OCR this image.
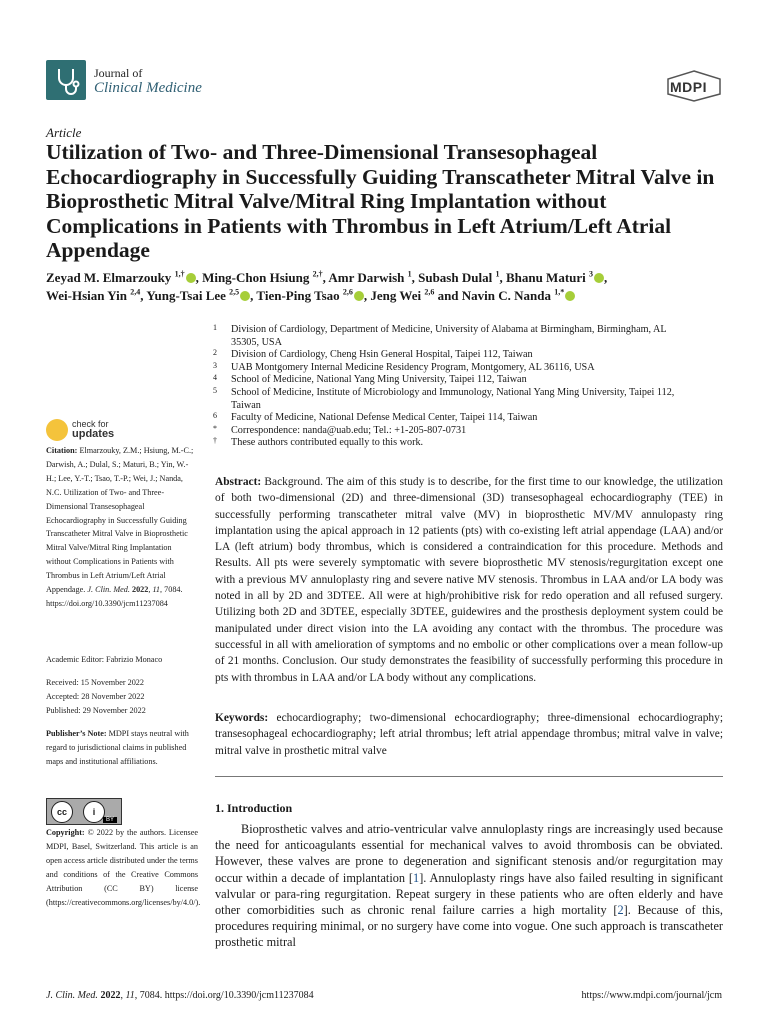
Journal of
Clinical Medicine	MDPI
Article
Utilization of Two- and Three-Dimensional Transesophageal Echocardiography in Successfully Guiding Transcatheter Mitral Valve in Bioprosthetic Mitral Valve/Mitral Ring Implantation without Complications in Patients with Thrombus in Left Atrium/Left Atrial Appendage
Zeyad M. Elmarzouky $^{1,\dagger}$ , Ming-Chon Hsiung $^{2,\dagger}$, Amr Darwish $^1$, Subash Dulal $^1$, Bhanu Maturi $^3$ ,
Wei-Hsian Yin $^{2,4}$, Yung-Tsai Lee $^{2,5}$ , Tien-Ping Tsao $^{2,6}$ , Jeng Wei $^{2,6}$ and Navin C. Nanda $^{1,*}$
1 Division of Cardiology, Department of Medicine, University of Alabama at Birmingham, Birmingham, AL 35305, USA
2 Division of Cardiology, Cheng Hsin General Hospital, Taipei 112, Taiwan
3 UAB Montgomery Internal Medicine Residency Program, Montgomery, AL 36116, USA
4 School of Medicine, National Yang Ming University, Taipei 112, Taiwan
5 School of Medicine, Institute of Microbiology and Immunology, National Yang Ming University, Taipei 112, Taiwan
6 Faculty of Medicine, National Defense Medical Center, Taipei 114, Taiwan
* Correspondence: nanda@uab.edu; Tel.: +1-205-807-0731
† These authors contributed equally to this work.
check for
updates
Citation: Elmarzouky, Z.M.; Hsiung, M.-C.; Darwish, A.; Dulal, S.; Maturi, B.; Yin, W.-H.; Lee, Y.-T.; Tsao, T.-P.; Wei, J.; Nanda, N.C. Utilization of Two- and Three-Dimensional Transesophageal Echocardiography in Successfully Guiding Transcatheter Mitral Valve in Bioprosthetic Mitral Valve/Mitral Ring Implantation without Complications in Patients with Thrombus in Left Atrium/Left Atrial Appendage. J. Clin. Med. 2022, 11, 7084. https://doi.org/10.3390/jcm11237084
Academic Editor: Fabrizio Monaco
Received: 15 November 2022
Accepted: 28 November 2022
Published: 29 November 2022
Publisher’s Note: MDPI stays neutral with regard to jurisdictional claims in published maps and institutional affiliations.
cc	i
BY
Copyright: © 2022 by the authors. Licensee MDPI, Basel, Switzerland. This article is an open access article distributed under the terms and conditions of the Creative Commons Attribution (CC BY) license (https://creativecommons.org/licenses/by/4.0/).
Abstract: Background. The aim of this study is to describe, for the first time to our knowledge, the utilization of both two-dimensional (2D) and three-dimensional (3D) transesophageal echocardiography (TEE) in successfully performing transcatheter mitral valve (MV) in bioprosthetic MV/MV annulopasty ring implantation using the apical approach in 12 patients (pts) with co-existing left atrial appendage (LAA) and/or LA (left atrium) body thrombus, which is considered a contraindication for this procedure. Methods and Results. All pts were severely symptomatic with severe bioprosthetic MV stenosis/regurgitation except one with a previous MV annuloplasty ring and severe native MV stenosis. Thrombus in LAA and/or LA body was noted in all by 2D and 3DTEE. All were at high/prohibitive risk for redo operation and all refused surgery. Utilizing both 2D and 3DTEE, especially 3DTEE, guidewires and the prosthesis deployment system could be manipulated under direct vision into the LA avoiding any contact with the thrombus. The procedure was successful in all with amelioration of symptoms and no embolic or other complications over a mean follow-up of 21 months. Conclusion. Our study demonstrates the feasibility of successfully performing this procedure in pts with thrombus in LAA and/or LA body without any complications.
Keywords: echocardiography; two-dimensional echocardiography; three-dimensional echocardiography; transesophageal echocardiography; left atrial thrombus; left atrial appendage thrombus; mitral valve in valve; mitral valve in prosthetic mitral valve
1. Introduction
Bioprosthetic valves and atrio-ventricular valve annuloplasty rings are increasingly used because the need for anticoagulants essential for mechanical valves to avoid thrombosis can be obviated. However, these valves are prone to degeneration and significant stenosis and/or regurgitation may occur within a decade of implantation [1]. Annuloplasty rings have also failed resulting in significant valvular or para-ring regurgitation. Repeat surgery in these patients who are often elderly and have other comorbidities such as chronic renal failure carries a high mortality [2]. Because of this, procedures requiring minimal, or no surgery have come into vogue. One such approach is transcatheter prosthetic mitral
J. Clin. Med. 2022, 11, 7084. https://doi.org/10.3390/jcm11237084	https://www.mdpi.com/journal/jcm
